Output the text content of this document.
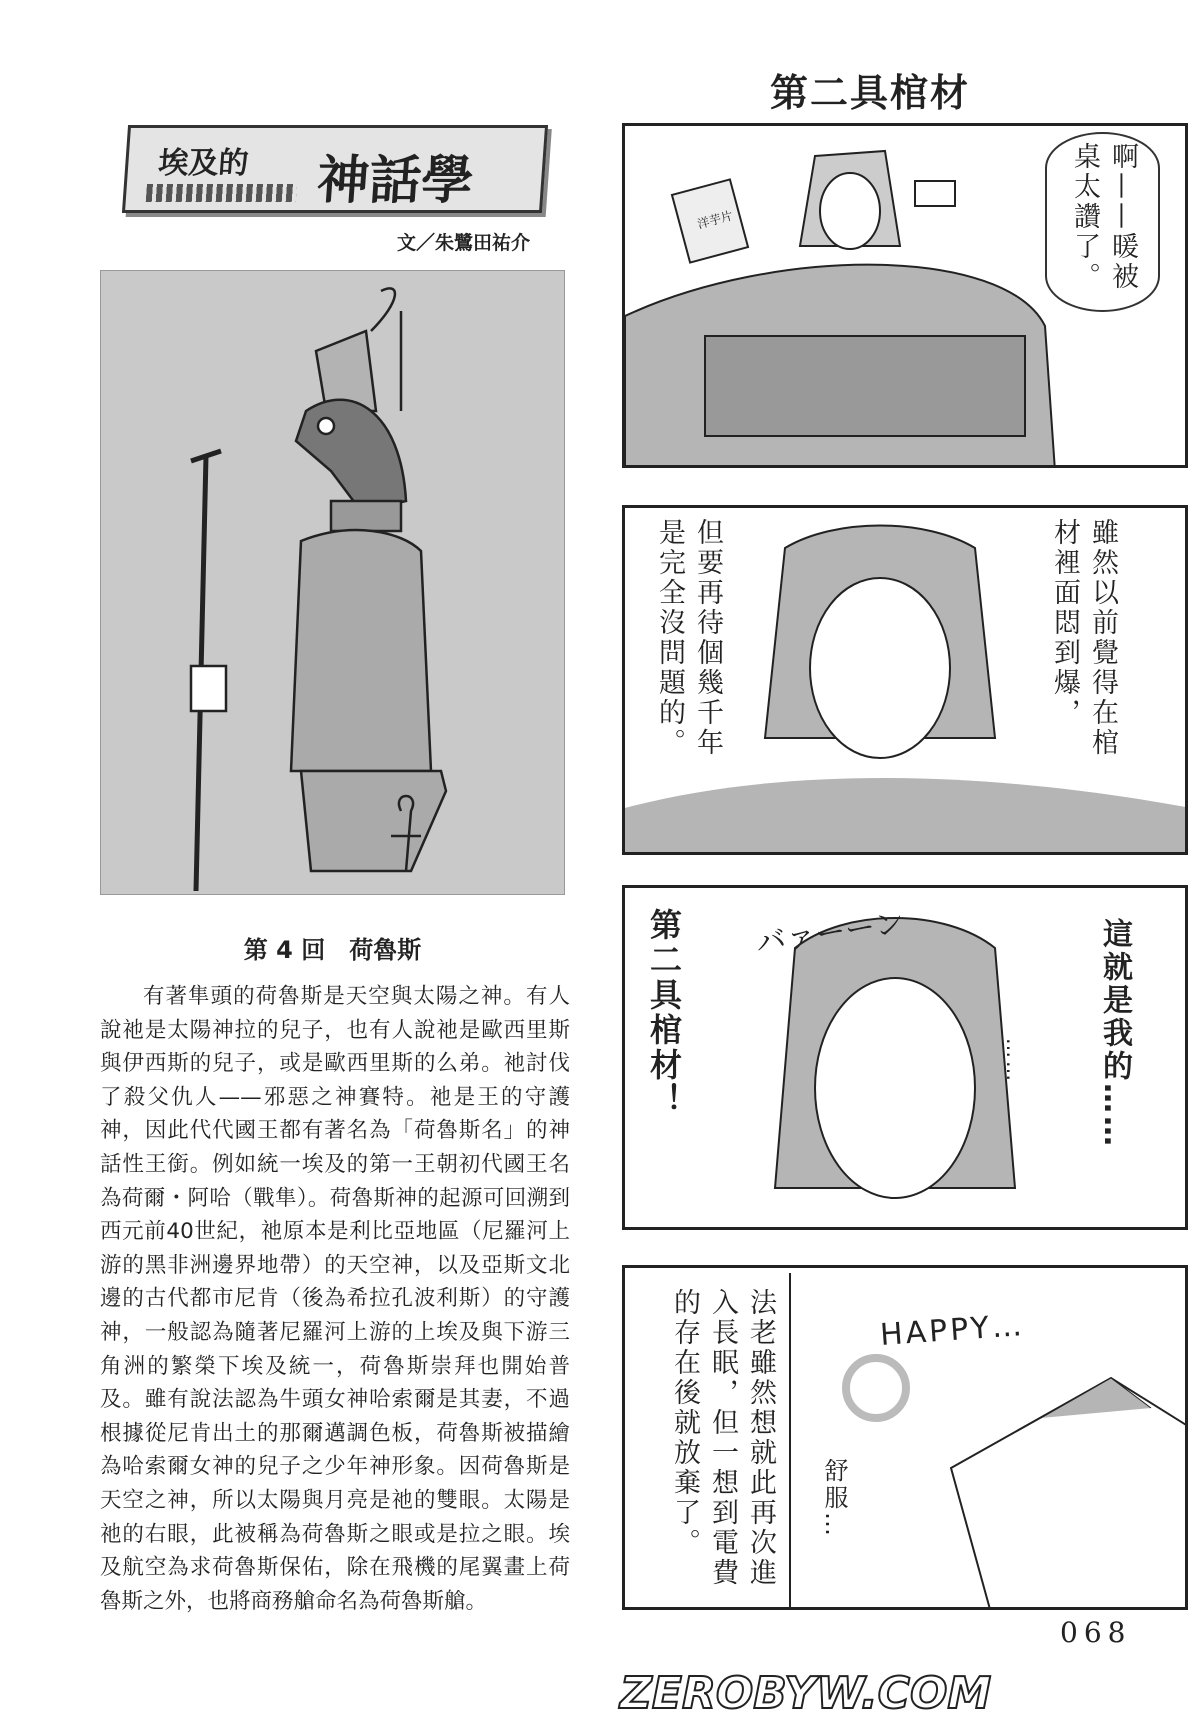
第二具棺材
埃及的 神話學
文／朱鷺田祐介
第 4 回　荷魯斯

有著隼頭的荷魯斯是天空與太陽之神。有人說祂是太陽神拉的兒子，也有人說祂是歐西里斯與伊西斯的兒子，或是歐西里斯的么弟。祂討伐了殺父仇人——邪惡之神賽特。祂是王的守護神，因此代代國王都有著名為「荷魯斯名」的神話性王銜。例如統一埃及的第一王朝初代國王名為荷爾・阿哈（戰隼）。荷魯斯神的起源可回溯到西元前40世紀，祂原本是利比亞地區（尼羅河上游的黑非洲邊界地帶）的天空神，以及亞斯文北邊的古代都市尼肯（後為希拉孔波利斯）的守護神，一般認為隨著尼羅河上游的上埃及與下游三角洲的繁榮下埃及統一，荷魯斯崇拜也開始普及。雖有說法認為牛頭女神哈索爾是其妻，不過根據從尼肯出土的那爾邁調色板，荷魯斯被描繪為哈索爾女神的兒子之少年神形象。因荷魯斯是天空之神，所以太陽與月亮是祂的雙眼。太陽是祂的右眼，此被稱為荷魯斯之眼或是拉之眼。埃及航空為求荷魯斯保佑，除在飛機的尾翼畫上荷魯斯之外，也將商務艙命名為荷魯斯艙。

啊——暖被
桌太讚了。
洋芋片
但要再待個幾千年
是完全沒問題的。	雖然以前覺得在棺
材裡面悶到爆，
バァーーン
第二具棺材！	這就是我的……
……
法老雖然想就此再次進
入長眠，但一想到電費
的存在後就放棄了。	HAPPY…
舒服…
068
ZEROBYW.COM
